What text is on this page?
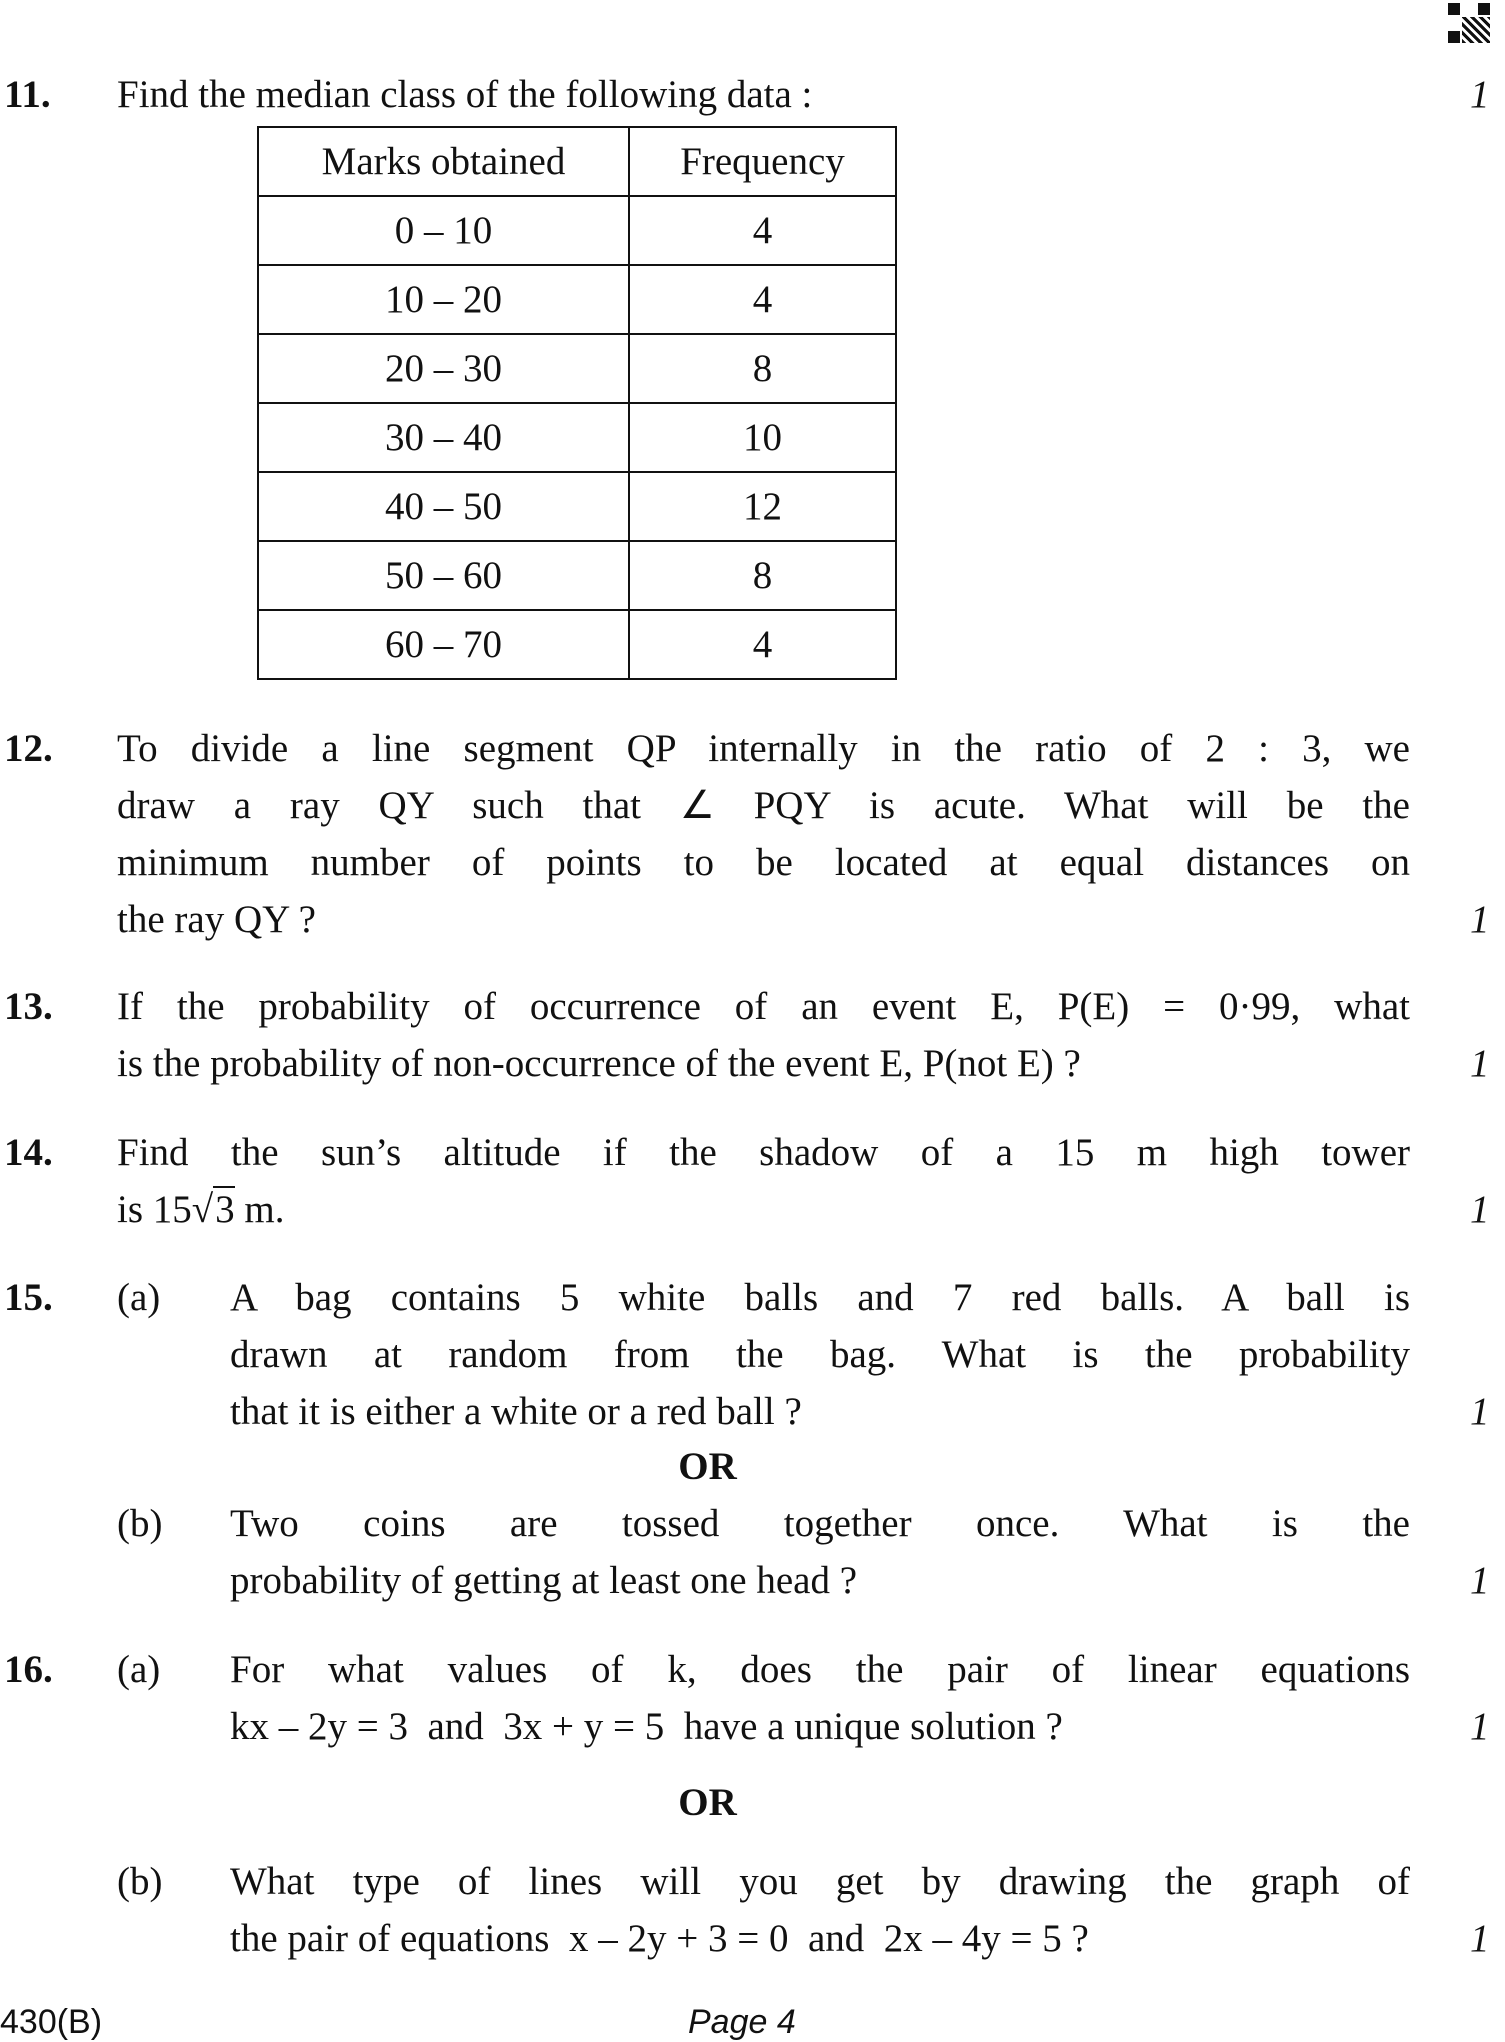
11. Find the median class of the following data :	1
Marks obtained	Frequency
0 – 10	4
10 – 20	4
20 – 30	8
30 – 40	10
40 – 50	12
50 – 60	8
60 – 70	4
12. To divide a line segment QP internally in the ratio of 2 : 3, we
draw a ray QY such that ∠ PQY is acute. What will be the
minimum number of points to be located at equal distances on
the ray QY ?	1
13. If the probability of occurrence of an event E, P(E) = 0·99, what
is the probability of non-occurrence of the event E, P(not E) ?	1
14. Find the sun’s altitude if the shadow of a 15 m high tower
is 15√3 m.	1
15. (a) A bag contains 5 white balls and 7 red balls. A ball is
drawn at random from the bag. What is the probability
that it is either a white or a red ball ?	1
OR
(b) Two coins are tossed together once. What is the
probability of getting at least one head ?	1
16. (a) For what values of k, does the pair of linear equations
kx – 2y = 3  and  3x + y = 5  have a unique solution ?	1
OR
(b) What type of lines will you get by drawing the graph of
the pair of equations  x – 2y + 3 = 0  and  2x – 4y = 5 ?	1
430(B)	Page 4
